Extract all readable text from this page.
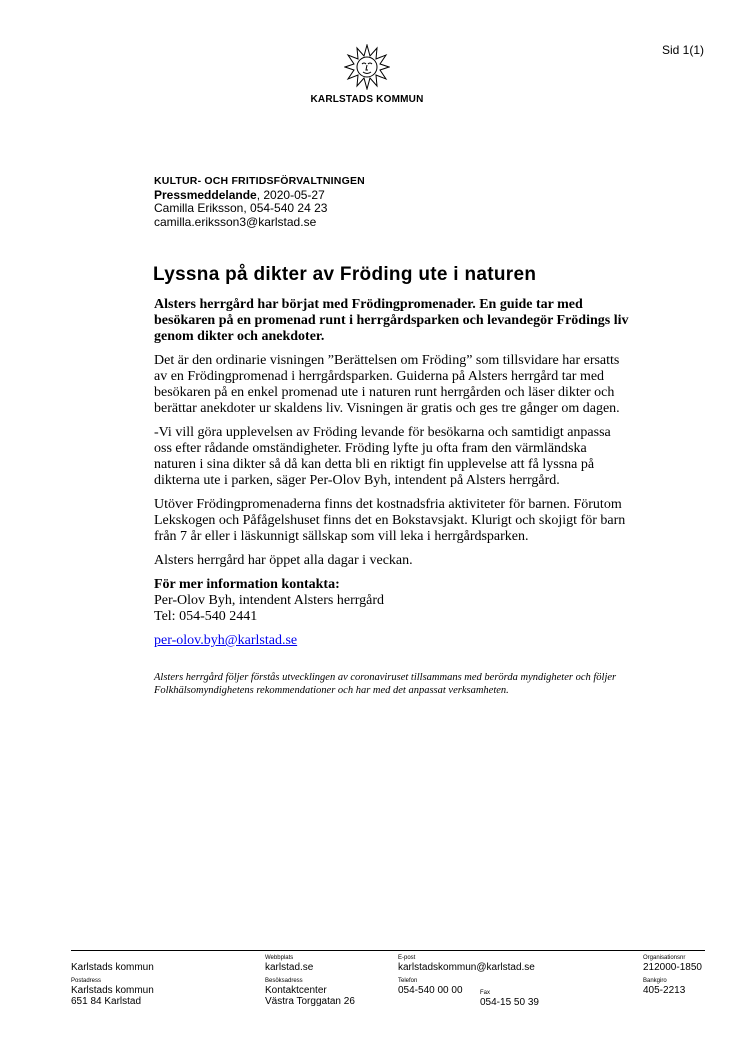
Sid 1(1)
KARLSTADS KOMMUN
KULTUR- OCH FRITIDSFÖRVALTNINGEN
Pressmeddelande, 2020-05-27
Camilla Eriksson, 054-540 24 23
camilla.eriksson3@karlstad.se
Lyssna på dikter av Fröding ute i naturen

Alsters herrgård har börjat med Frödingpromenader. En guide tar med besökaren på en promenad runt i herrgårdsparken och levandegör Frödings liv genom dikter och anekdoter.

Det är den ordinarie visningen ”Berättelsen om Fröding” som tillsvidare har ersatts av en Frödingpromenad i herrgårdsparken. Guiderna på Alsters herrgård tar med besökaren på en enkel promenad ute i naturen runt herrgården och läser dikter och berättar anekdoter ur skaldens liv. Visningen är gratis och ges tre gånger om dagen.

-Vi vill göra upplevelsen av Fröding levande för besökarna och samtidigt anpassa oss efter rådande omständigheter. Fröding lyfte ju ofta fram den värmländska naturen i sina dikter så då kan detta bli en riktigt fin upplevelse att få lyssna på dikterna ute i parken, säger Per-Olov Byh, intendent på Alsters herrgård.

Utöver Frödingpromenaderna finns det kostnadsfria aktiviteter för barnen. Förutom Lekskogen och Påfågelshuset finns det en Bokstavsjakt. Klurigt och skojigt för barn från 7 år eller i läskunnigt sällskap som vill leka i herrgårdsparken.

Alsters herrgård har öppet alla dagar i veckan.

För mer information kontakta:
Per-Olov Byh, intendent Alsters herrgård
Tel: 054-540 2441

per-olov.byh@karlstad.se

Alsters herrgård följer förstås utvecklingen av coronaviruset tillsammans med berörda myndigheter och följer Folkhälsomyndighetens rekommendationer och har med det anpassat verksamheten.

Karlstads kommun
Postadress
Karlstads kommun
651 84 Karlstad
Webbplats
karlstad.se
Besöksadress
Kontaktcenter
Västra Torggatan 26
E-post
karlstadskommun@karlstad.se
Telefon
054-540 00 00	Fax
054-15 50 39
Organisationsnr
212000-1850
Bankgiro
405-2213
